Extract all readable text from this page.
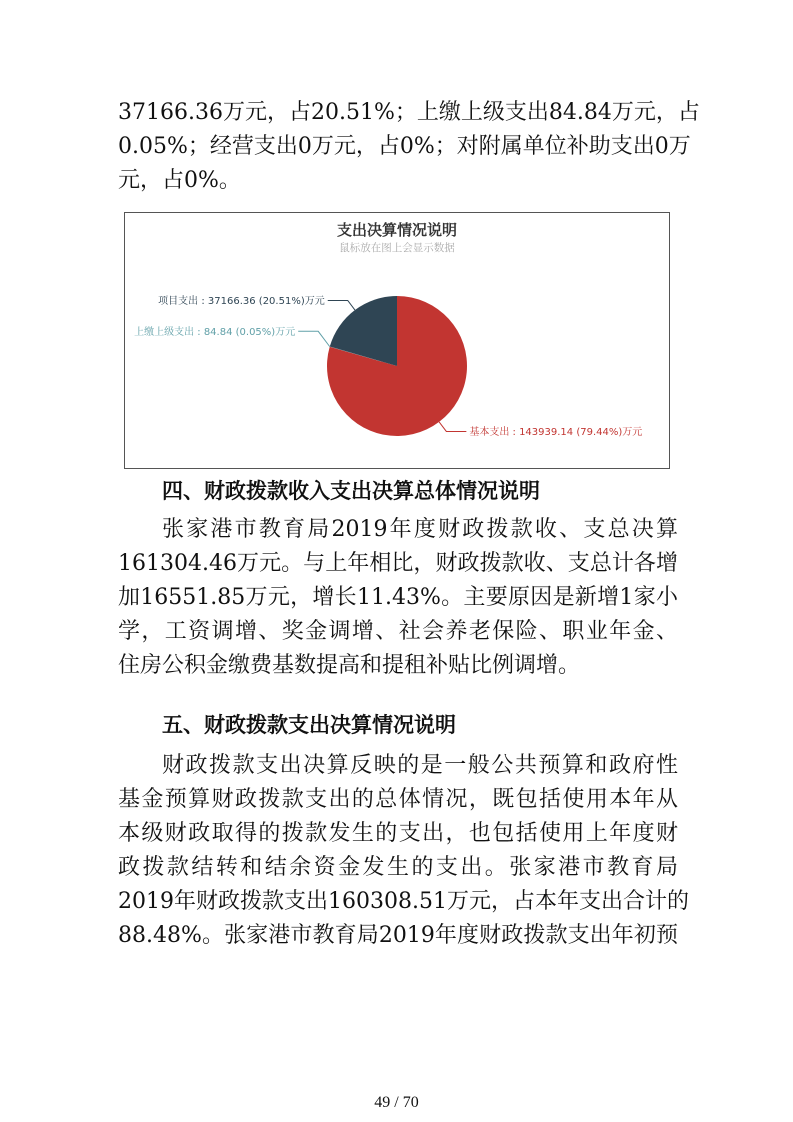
37166.36万元，占20.51%；上缴上级支出84.84万元，占
0.05%；经营支出0万元，占0%；对附属单位补助支出0万
元，占0%。
支出决算情况说明
鼠标放在图上会显示数据
基本支出 : 143939.14 (79.44%)万元
上缴上级支出 : 84.84 (0.05%)万元
项目支出 : 37166.36 (20.51%)万元
四、财政拨款收入支出决算总体情况说明
张家港市教育局2019年度财政拨款收、支总决算
161304.46万元。与上年相比，财政拨款收、支总计各增
加16551.85万元，增长11.43%。主要原因是新增1家小
学，工资调增、奖金调增、社会养老保险、职业年金、
住房公积金缴费基数提高和提租补贴比例调增。
五、财政拨款支出决算情况说明
财政拨款支出决算反映的是一般公共预算和政府性
基金预算财政拨款支出的总体情况，既包括使用本年从
本级财政取得的拨款发生的支出，也包括使用上年度财
政拨款结转和结余资金发生的支出。张家港市教育局
2019年财政拨款支出160308.51万元，占本年支出合计的
88.48%。张家港市教育局2019年度财政拨款支出年初预
49 / 70
